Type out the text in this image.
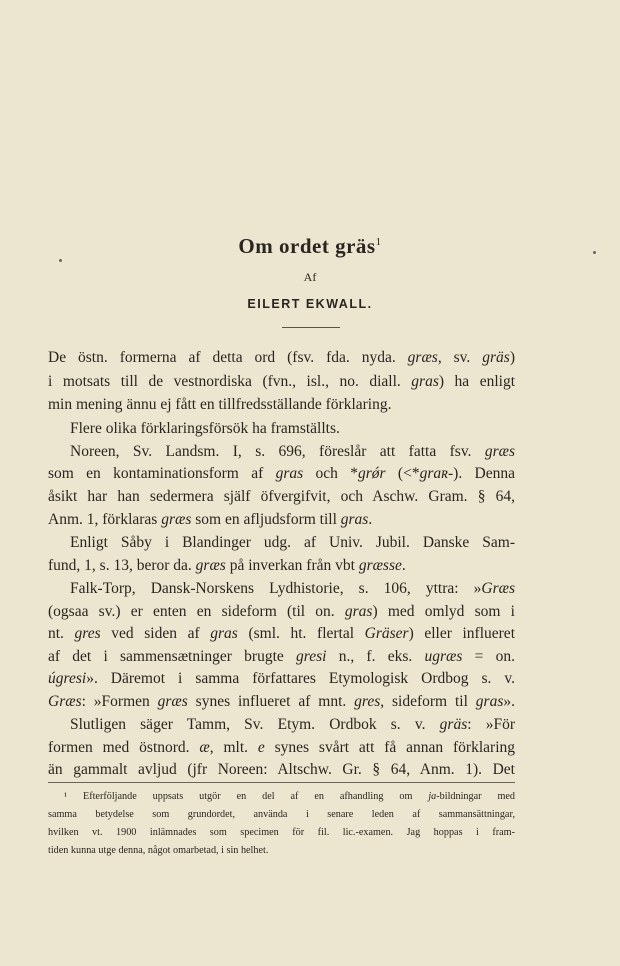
Om ordet gräs$^1$
Af
EILERT EKWALL.
De östn. formerna af detta ord (fsv. fda. nyda. græs, sv. gräs)
i motsats till de vestnordiska (fvn., isl., no. diall. gras) ha enligt
min mening ännu ej fått en tillfredsställande förklaring.
Flere olika förklaringsförsök ha framställts.
Noreen, Sv. Landsm. I, s. 696, föreslår att fatta fsv. græs
som en kontaminationsform af gras och *grǿr (<*graʀ-). Denna
åsikt har han sedermera själf öfvergifvit, och Aschw. Gram. § 64,
Anm. 1, förklaras græs som en afljudsform till gras.
Enligt Såby i Blandinger udg. af Univ. Jubil. Danske Sam-
fund, 1, s. 13, beror da. græs på inverkan från vbt græsse.
Falk-Torp, Dansk-Norskens Lydhistorie, s. 106, yttra: »Græs
(ogsaa sv.) er enten en sideform (til on. gras) med omlyd som i
nt. gres ved siden af gras (sml. ht. flertal Gräser) eller influeret
af det i sammensætninger brugte gresi n., f. eks. ugræs = on.
úgresi». Däremot i samma författares Etymologisk Ordbog s. v.
Græs: »Formen græs synes influeret af mnt. gres, sideform til gras».
Slutligen säger Tamm, Sv. Etym. Ordbok s. v. gräs: »För
formen med östnord. æ, mlt. e synes svårt att få annan förklaring
än gammalt avljud (jfr Noreen: Altschw. Gr. § 64, Anm. 1). Det
¹ Efterföljande uppsats utgör en del af en afhandling om ja-bildningar med
samma betydelse som grundordet, använda i senare leden af sammansättningar,
hvilken vt. 1900 inlämnades som specimen för fil. lic.-examen. Jag hoppas i fram-
tiden kunna utge denna, något omarbetad, i sin helhet.
